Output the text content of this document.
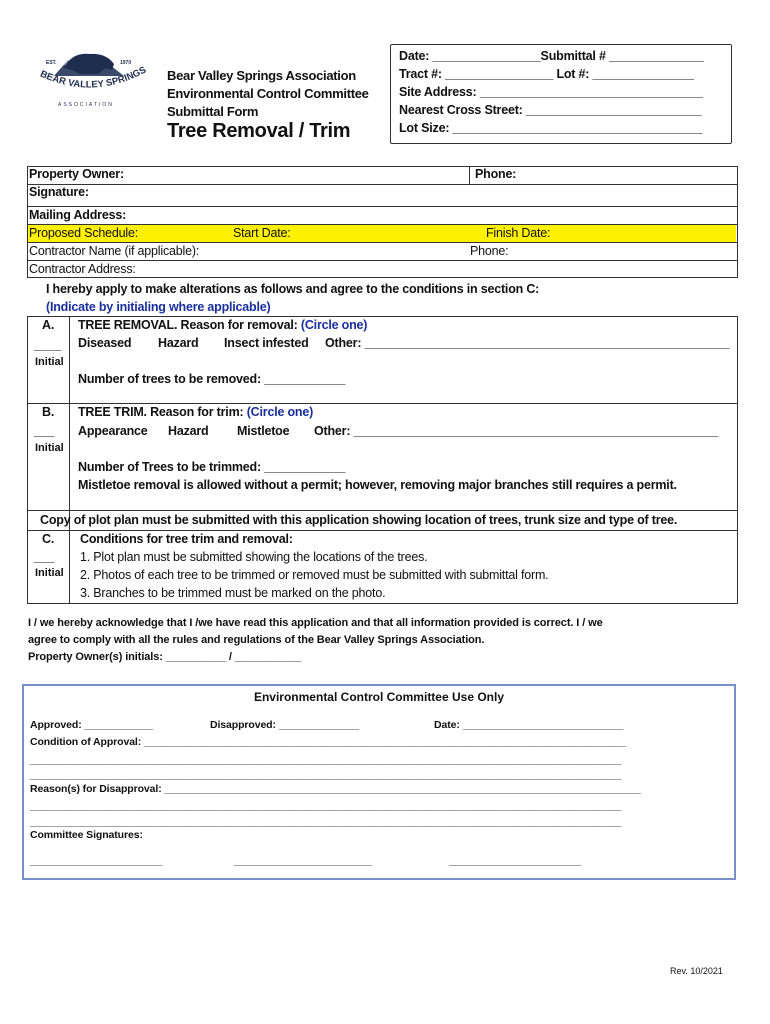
EST.	1970
BEAR VALLEY SPRINGS
ASSOCIATION
Bear Valley Springs Association
Environmental Control Committee
Submittal Form
Tree Removal / Trim
Date: ________________Submittal # ______________
Tract #: ________________ Lot #: _______________
Site Address: _________________________________
Nearest Cross Street: __________________________
Lot Size: _____________________________________
Property Owner:	Phone:
Signature:
Mailing Address:
Proposed Schedule:	Start Date:	Finish Date:
Contractor Name (if applicable):	Phone:
Contractor Address:
I hereby apply to make alterations as follows and agree to the conditions in section C:
(Indicate by initialing where applicable)
A.
____
Initial
TREE REMOVAL. Reason for removal: (Circle one)
Diseased Hazard Insect infested Other: ______________________________________________________
Number of trees to be removed: ____________
B.
___
Initial
TREE TRIM. Reason for trim: (Circle one)
Appearance Hazard Mistletoe Other: ______________________________________________________
Number of Trees to be trimmed: ____________
Mistletoe removal is allowed without a permit; however, removing major branches still requires a permit.
Copy of plot plan must be submitted with this application showing location of trees, trunk size and type of tree.
C.
___
Initial
Conditions for tree trim and removal:
1. Plot plan must be submitted showing the locations of the trees.
2. Photos of each tree to be trimmed or removed must be submitted with submittal form.
3. Branches to be trimmed must be marked on the photo.
I / we hereby acknowledge that I /we have read this application and that all information provided is correct. I / we
agree to comply with all the rules and regulations of the Bear Valley Springs Association.
Property Owner(s) initials: __________ / ___________
Environmental Control Committee Use Only
Approved: ____________	Disapproved: ______________	Date: ____________________________
Condition of Approval: ____________________________________________________________________________________
_______________________________________________________________________________________________________
_______________________________________________________________________________________________________
Reason(s) for Disapproval: ___________________________________________________________________________________
_______________________________________________________________________________________________________
_______________________________________________________________________________________________________
Committee Signatures:
_______________________	________________________	_______________________
Rev. 10/2021
